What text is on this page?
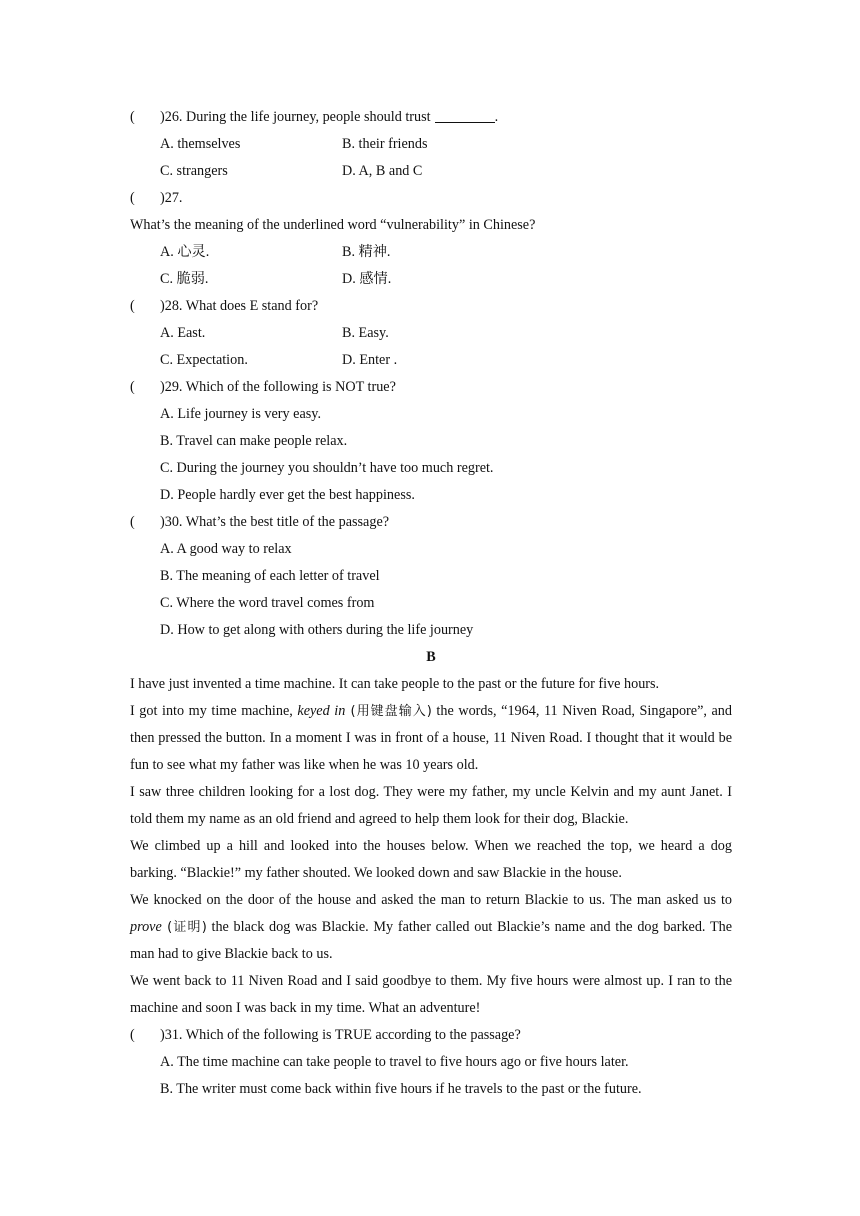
( )26. During the life journey, people should trust	.
A. themselves	B. their friends
C. strangers	D. A, B and C
( )27.
What’s the meaning of the underlined word “vulnerability” in Chinese?
A. 心灵.	B. 精神.
C. 脆弱.	D. 感情.
( )28. What does E stand for?
A. East.	B. Easy.
C. Expectation.	D. Enter .
( )29. Which of the following is NOT true?
A. Life journey is very easy.
B. Travel can make people relax.
C. During the journey you shouldn’t have too much regret.
D. People hardly ever get the best happiness.
( )30. What’s the best title of the passage?
A. A good way to relax
B. The meaning of each letter of travel
C. Where the word travel comes from
D. How to get along with others during the life journey
B
I have just invented a time machine. It can take people to the past or the future for five hours.
I got into my time machine, keyed in (用键盘输入) the words, “1964, 11 Niven Road, Singapore”, and then pressed the button. In a moment I was in front of a house, 11 Niven Road. I thought that it would be fun to see what my father was like when he was 10 years old.
I saw three children looking for a lost dog. They were my father, my uncle Kelvin and my aunt Janet. I told them my name as an old friend and agreed to help them look for their dog, Blackie.
We climbed up a hill and looked into the houses below. When we reached the top, we heard a dog barking. “Blackie!” my father shouted. We looked down and saw Blackie in the house.
We knocked on the door of the house and asked the man to return Blackie to us. The man asked us to prove (证明) the black dog was Blackie. My father called out Blackie’s name and the dog barked. The man had to give Blackie back to us.
We went back to 11 Niven Road and I said goodbye to them. My five hours were almost up. I ran to the machine and soon I was back in my time. What an adventure!
( )31. Which of the following is TRUE according to the passage?
A. The time machine can take people to travel to five hours ago or five hours later.
B. The writer must come back within five hours if he travels to the past or the future.
